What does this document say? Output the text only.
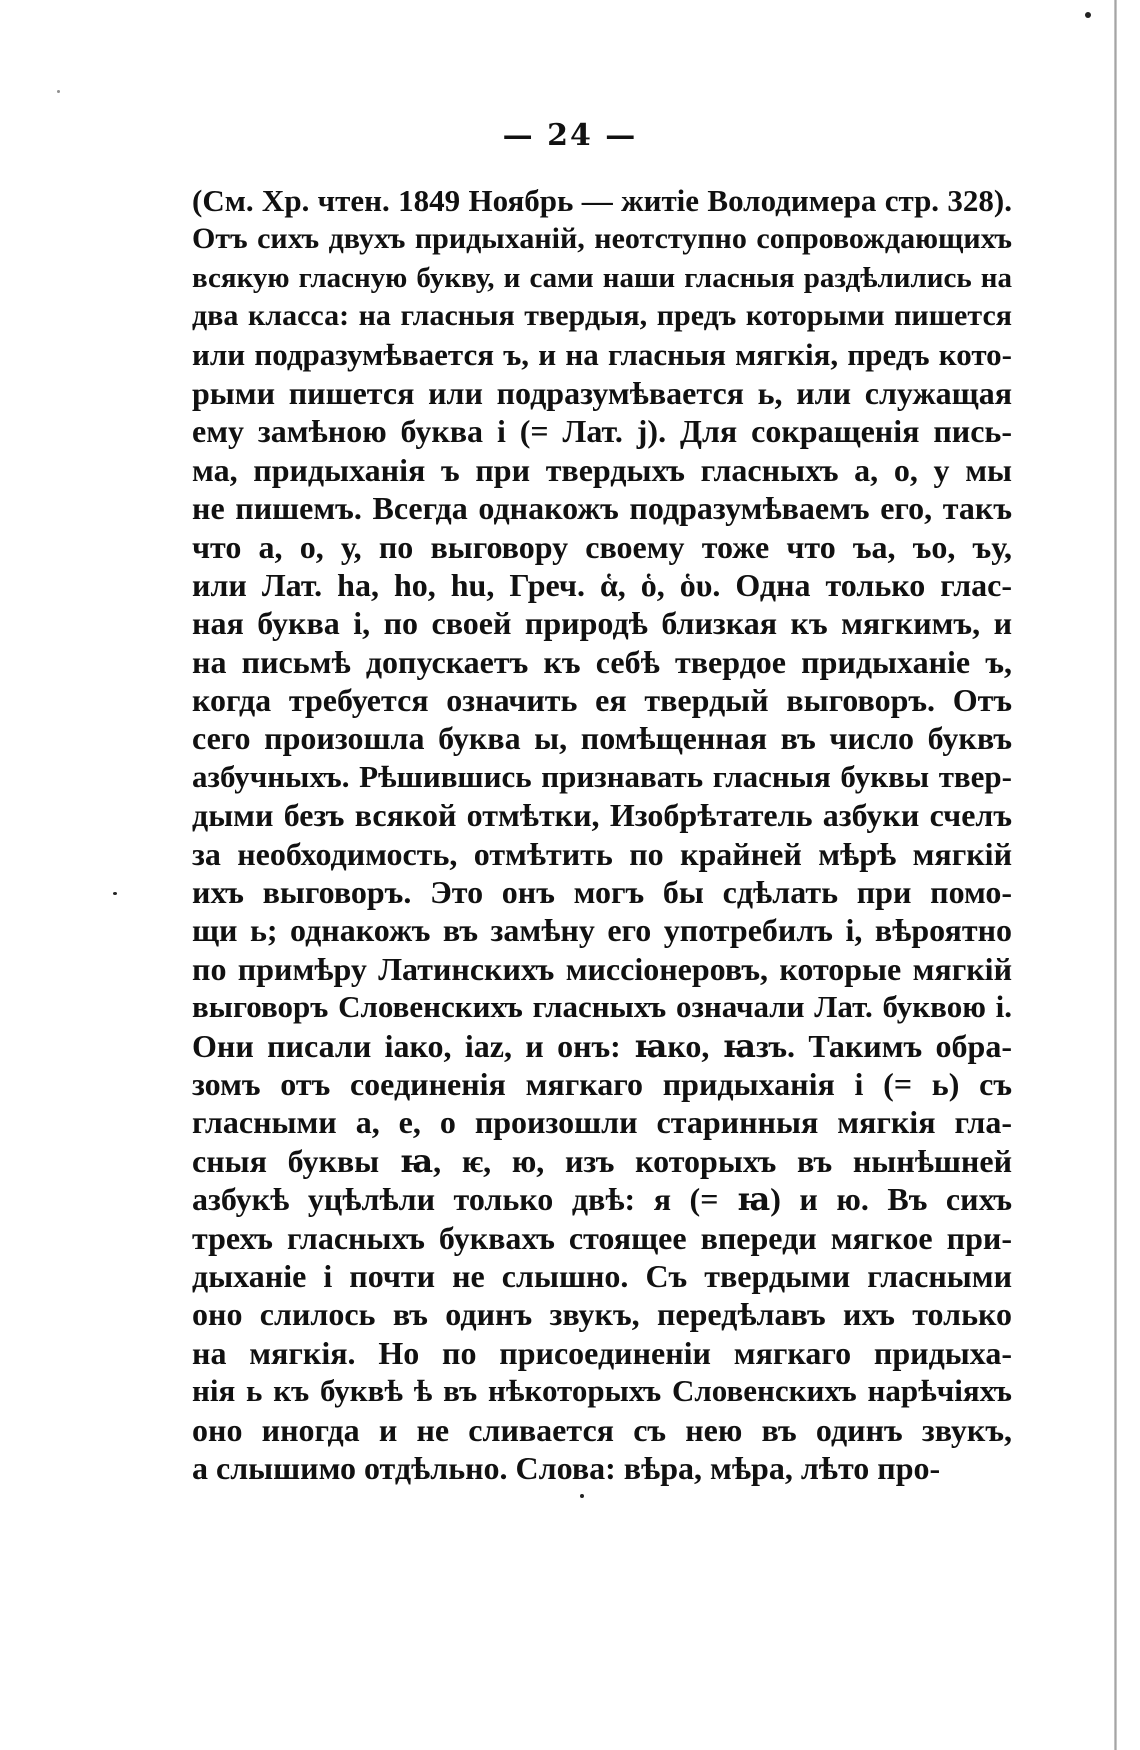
— 24 —
(См. Хр. чтен. 1849 Ноябрь — житіе Володимера стр. 328).
Отъ сихъ двухъ придыханій, неотступно сопровождающихъ
всякую гласную букву, и сами наши гласныя раздѣлились на
два класса: на гласныя твердыя, предъ которыми пишется
или подразумѣвается ъ, и на гласныя мягкія, предъ кото-
рыми пишется или подразумѣвается ь, или служащая
ему замѣною буква і (= Лат. j). Для сокращенія пись-
ма, придыханія ъ при твердыхъ гласныхъ а, о, у мы
не пишемъ. Всегда однакожъ подразумѣваемъ его, такъ
что а, о, у, по выговору своему тоже что ъа, ъо, ъу,
или Лат. ha, ho, hu, Греч. ἁ, ὁ, ὁυ. Одна только глас-
ная буква і, по своей природѣ близкая къ мягкимъ, и
на письмѣ допускаетъ къ себѣ твердое придыханіе ъ,
когда требуется означить ея твердый выговоръ. Отъ
сего произошла буква ы, помѣщенная въ число буквъ
азбучныхъ. Рѣшившись признавать гласныя буквы твер-
дыми безъ всякой отмѣтки, Изобрѣтатель азбуки счелъ
за необходимость, отмѣтить по крайней мѣрѣ мягкій
ихъ выговоръ. Это онъ могъ бы сдѣлать при помо-
щи ь; однакожъ въ замѣну его употребилъ і, вѣроятно
по примѣру Латинскихъ миссіонеровъ, которые мягкій
выговоръ Словенскихъ гласныхъ означали Лат. буквою і.
Они писали іако, іаz, и онъ: ꙗко, ꙗзъ. Такимъ обра-
зомъ отъ соединенія мягкаго придыханія і (= ь) съ
гласными а, е, о произошли старинныя мягкія гла-
сныя буквы ꙗ, ѥ, ю, изъ которыхъ въ нынѣшней
азбукѣ уцѣлѣли только двѣ: я (= ꙗ) и ю. Въ сихъ
трехъ гласныхъ буквахъ стоящее впереди мягкое при-
дыханіе і почти не слышно. Съ твердыми гласными
оно слилось въ одинъ звукъ, передѣлавъ ихъ только
на мягкія. Но по присоединеніи мягкаго придыха-
нія ь къ буквѣ ѣ въ нѣкоторыхъ Словенскихъ нарѣчіяхъ
оно иногда и не сливается съ нею въ одинъ звукъ,
а слышимо отдѣльно. Слова: вѣра, мѣра, лѣто про-
